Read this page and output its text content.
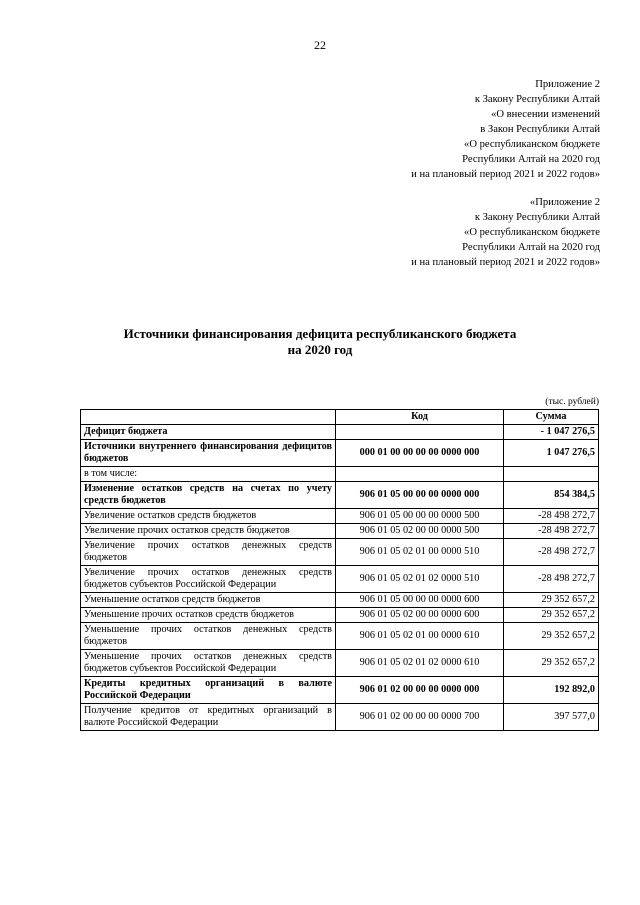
22
Приложение 2
к Закону Республики Алтай
«О внесении изменений
в Закон Республики Алтай
«О республиканском бюджете
Республики Алтай на 2020 год
и на плановый период 2021 и 2022 годов»
«Приложение 2
к Закону Республики Алтай
«О республиканском бюджете
Республики Алтай на 2020 год
и на плановый период 2021 и 2022 годов»
Источники финансирования дефицита республиканского бюджета
на 2020 год
(тыс. рублей)
	Код	Сумма
Дефицит бюджета		- 1 047 276,5
Источники внутреннего финансирования дефицитов бюджетов	000 01 00 00 00 00 0000 000	1 047 276,5
в том числе:		
Изменение остатков средств на счетах по учету средств бюджетов	906 01 05 00 00 00 0000 000	854 384,5
Увеличение остатков средств бюджетов	906 01 05 00 00 00 0000 500	-28 498 272,7
Увеличение прочих остатков средств бюджетов	906 01 05 02 00 00 0000 500	-28 498 272,7
Увеличение прочих остатков денежных средств бюджетов	906 01 05 02 01 00 0000 510	-28 498 272,7
Увеличение прочих остатков денежных средств бюджетов субъектов Российской Федерации	906 01 05 02 01 02 0000 510	-28 498 272,7
Уменьшение остатков средств бюджетов	906 01 05 00 00 00 0000 600	29 352 657,2
Уменьшение прочих остатков средств бюджетов	906 01 05 02 00 00 0000 600	29 352 657,2
Уменьшение прочих остатков денежных средств бюджетов	906 01 05 02 01 00 0000 610	29 352 657,2
Уменьшение прочих остатков денежных средств бюджетов субъектов Российской Федерации	906 01 05 02 01 02 0000 610	29 352 657,2
Кредиты кредитных организаций в валюте Российской Федерации	906 01 02 00 00 00 0000 000	192 892,0
Получение кредитов от кредитных организаций в валюте Российской Федерации	906 01 02 00 00 00 0000 700	397 577,0
